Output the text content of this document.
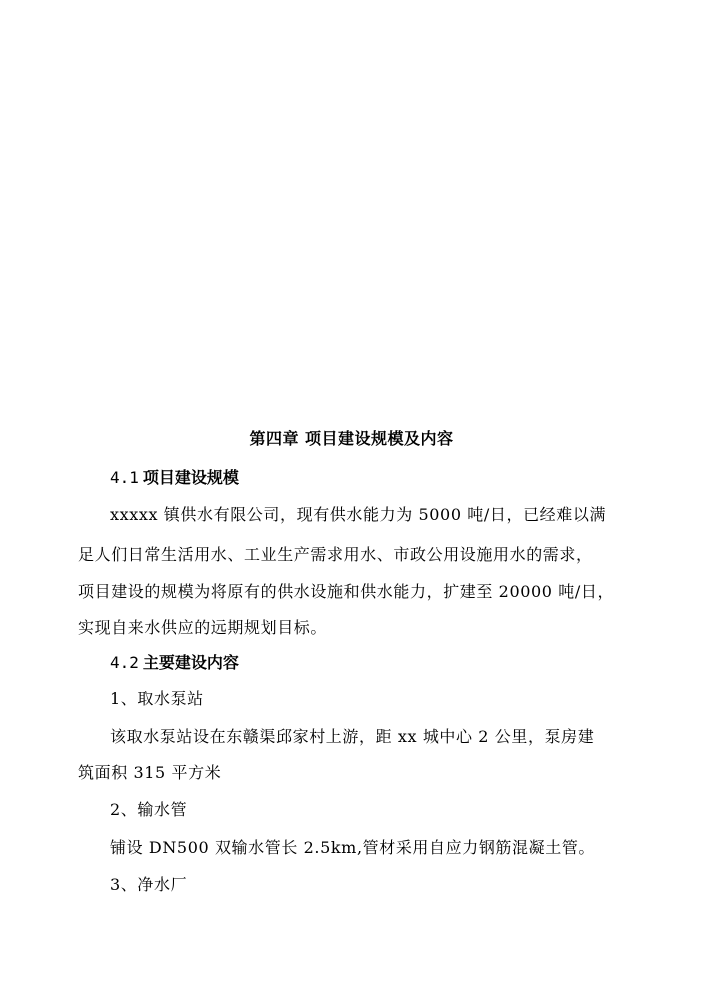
第四章 项目建设规模及内容
4.1 项目建设规模
xxxxx 镇供水有限公司，现有供水能力为 5000 吨/日，已经难以满
足人们日常生活用水、工业生产需求用水、市政公用设施用水的需求，
项目建设的规模为将原有的供水设施和供水能力，扩建至 20000 吨/日，
实现自来水供应的远期规划目标。
4.2 主要建设内容
1、取水泵站
该取水泵站设在东赣渠邱家村上游，距 xx 城中心 2 公里，泵房建
筑面积 315 平方米
2、输水管
铺设 DN500 双输水管长 2.5km,管材采用自应力钢筋混凝土管。
3、净水厂
